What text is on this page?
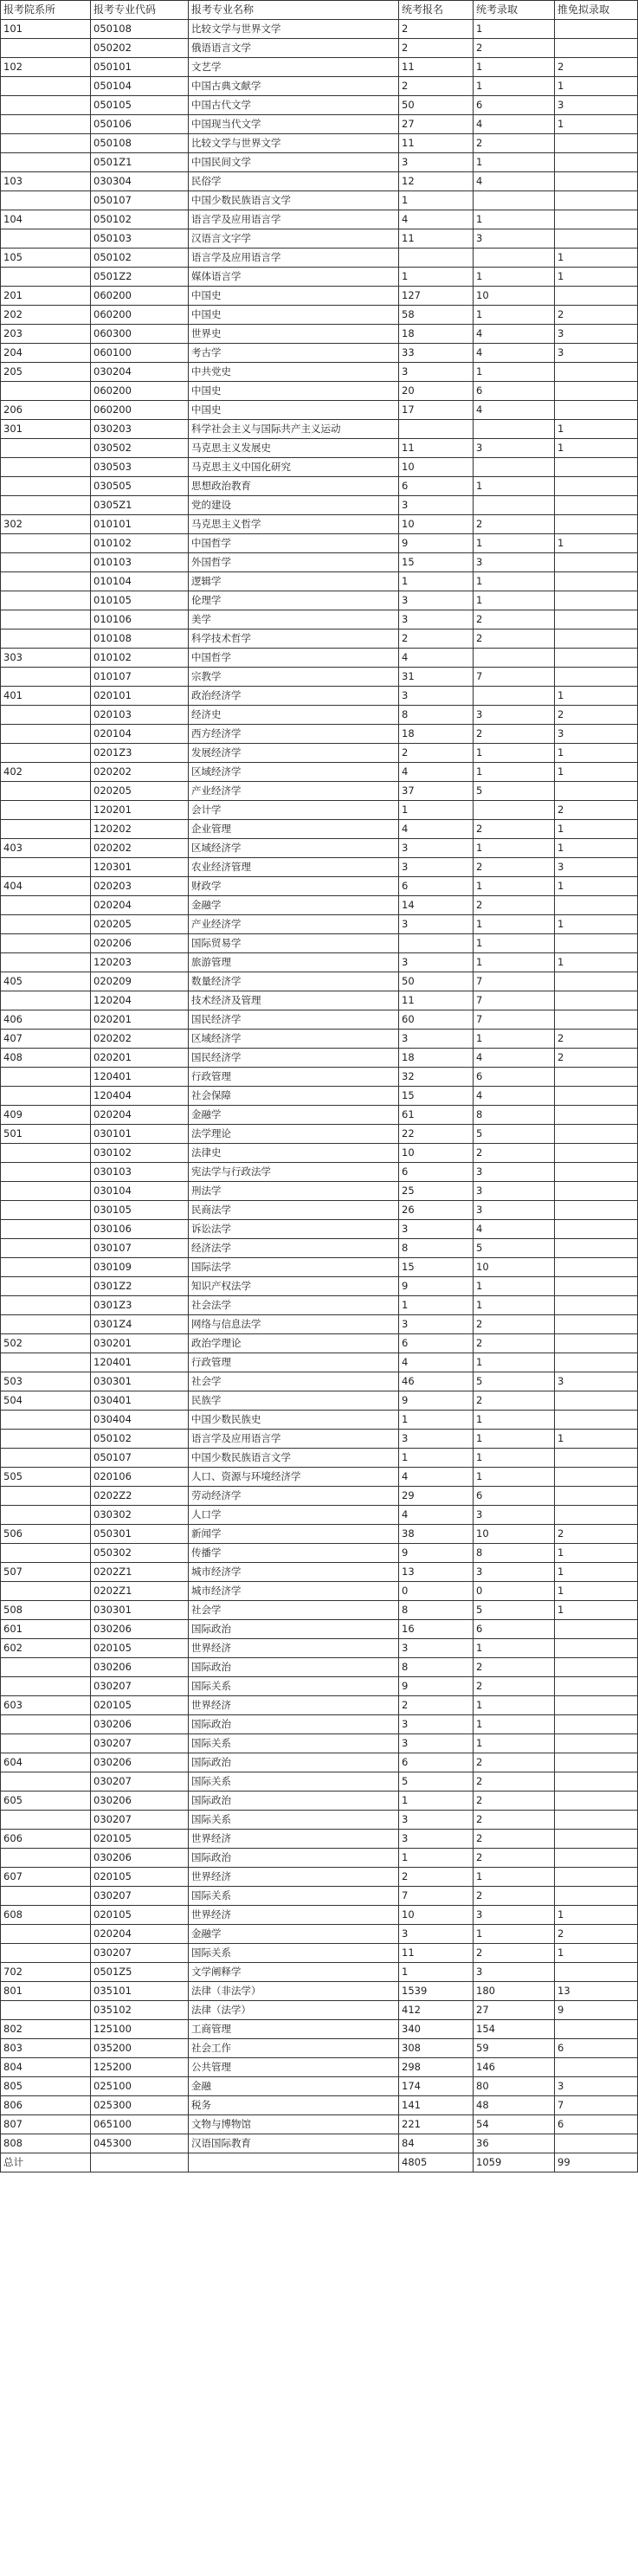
报考院系所	报考专业代码	报考专业名称	统考报名	统考录取	推免拟录取
101	050108	比较文学与世界文学	2	1	
	050202	俄语语言文学	2	2	
102	050101	文艺学	11	1	2
	050104	中国古典文献学	2	1	1
	050105	中国古代文学	50	6	3
	050106	中国现当代文学	27	4	1
	050108	比较文学与世界文学	11	2	
	0501Z1	中国民间文学	3	1	
103	030304	民俗学	12	4	
	050107	中国少数民族语言文学	1		
104	050102	语言学及应用语言学	4	1	
	050103	汉语言文字学	11	3	
105	050102	语言学及应用语言学			1
	0501Z2	媒体语言学	1	1	1
201	060200	中国史	127	10	
202	060200	中国史	58	1	2
203	060300	世界史	18	4	3
204	060100	考古学	33	4	3
205	030204	中共党史	3	1	
	060200	中国史	20	6	
206	060200	中国史	17	4	
301	030203	科学社会主义与国际共产主义运动			1
	030502	马克思主义发展史	11	3	1
	030503	马克思主义中国化研究	10		
	030505	思想政治教育	6	1	
	0305Z1	党的建设	3		
302	010101	马克思主义哲学	10	2	
	010102	中国哲学	9	1	1
	010103	外国哲学	15	3	
	010104	逻辑学	1	1	
	010105	伦理学	3	1	
	010106	美学	3	2	
	010108	科学技术哲学	2	2	
303	010102	中国哲学	4		
	010107	宗教学	31	7	
401	020101	政治经济学	3		1
	020103	经济史	8	3	2
	020104	西方经济学	18	2	3
	0201Z3	发展经济学	2	1	1
402	020202	区域经济学	4	1	1
	020205	产业经济学	37	5	
	120201	会计学	1		2
	120202	企业管理	4	2	1
403	020202	区域经济学	3	1	1
	120301	农业经济管理	3	2	3
404	020203	财政学	6	1	1
	020204	金融学	14	2	
	020205	产业经济学	3	1	1
	020206	国际贸易学		1	
	120203	旅游管理	3	1	1
405	020209	数量经济学	50	7	
	120204	技术经济及管理	11	7	
406	020201	国民经济学	60	7	
407	020202	区域经济学	3	1	2
408	020201	国民经济学	18	4	2
	120401	行政管理	32	6	
	120404	社会保障	15	4	
409	020204	金融学	61	8	
501	030101	法学理论	22	5	
	030102	法律史	10	2	
	030103	宪法学与行政法学	6	3	
	030104	刑法学	25	3	
	030105	民商法学	26	3	
	030106	诉讼法学	3	4	
	030107	经济法学	8	5	
	030109	国际法学	15	10	
	0301Z2	知识产权法学	9	1	
	0301Z3	社会法学	1	1	
	0301Z4	网络与信息法学	3	2	
502	030201	政治学理论	6	2	
	120401	行政管理	4	1	
503	030301	社会学	46	5	3
504	030401	民族学	9	2	
	030404	中国少数民族史	1	1	
	050102	语言学及应用语言学	3	1	1
	050107	中国少数民族语言文学	1	1	
505	020106	人口、资源与环境经济学	4	1	
	0202Z2	劳动经济学	29	6	
	030302	人口学	4	3	
506	050301	新闻学	38	10	2
	050302	传播学	9	8	1
507	0202Z1	城市经济学	13	3	1
	0202Z1	城市经济学	0	0	1
508	030301	社会学	8	5	1
601	030206	国际政治	16	6	
602	020105	世界经济	3	1	
	030206	国际政治	8	2	
	030207	国际关系	9	2	
603	020105	世界经济	2	1	
	030206	国际政治	3	1	
	030207	国际关系	3	1	
604	030206	国际政治	6	2	
	030207	国际关系	5	2	
605	030206	国际政治	1	2	
	030207	国际关系	3	2	
606	020105	世界经济	3	2	
	030206	国际政治	1	2	
607	020105	世界经济	2	1	
	030207	国际关系	7	2	
608	020105	世界经济	10	3	1
	020204	金融学	3	1	2
	030207	国际关系	11	2	1
702	0501Z5	文学阐释学	1	3	
801	035101	法律（非法学）	1539	180	13
	035102	法律（法学）	412	27	9
802	125100	工商管理	340	154	
803	035200	社会工作	308	59	6
804	125200	公共管理	298	146	
805	025100	金融	174	80	3
806	025300	税务	141	48	7
807	065100	文物与博物馆	221	54	6
808	045300	汉语国际教育	84	36	
总计			4805	1059	99
